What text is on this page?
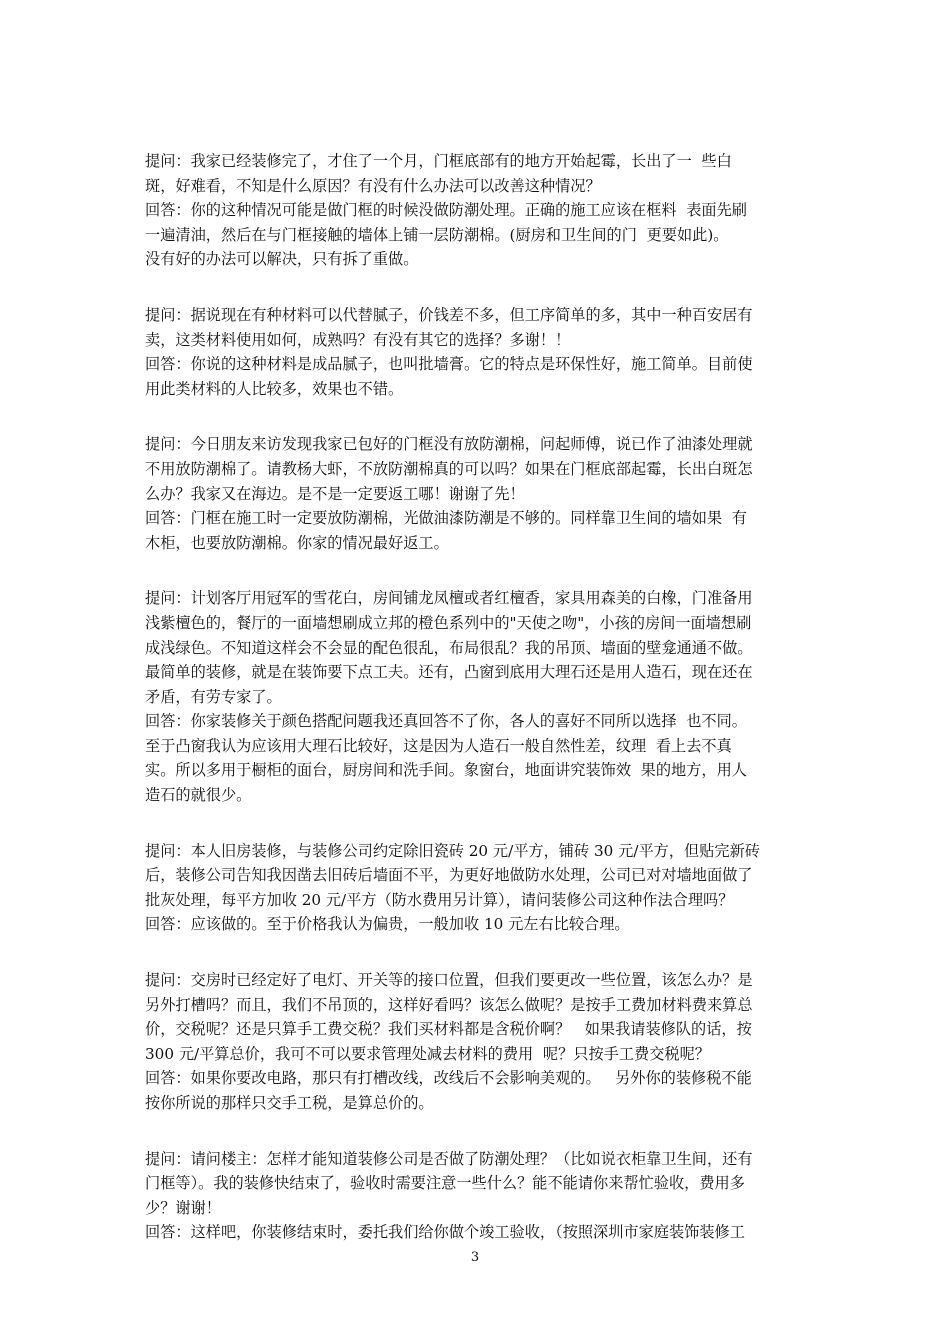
提问：我家已经装修完了，才住了一个月，门框底部有的地方开始起霉，长出了一  些白
斑，好难看，不知是什么原因？有没有什么办法可以改善这种情况？
回答：你的这种情况可能是做门框的时候没做防潮处理。正确的施工应该在框料  表面先刷
一遍清油，然后在与门框接触的墙体上铺一层防潮棉。(厨房和卫生间的门  更要如此)。
没有好的办法可以解决，只有拆了重做。
提问：据说现在有种材料可以代替腻子，价钱差不多，但工序简单的多，其中一种百安居有
卖，这类材料使用如何，成熟吗？有没有其它的选择？多谢！！
回答：你说的这种材料是成品腻子，也叫批墙膏。它的特点是环保性好，施工简单。目前使
用此类材料的人比较多，效果也不错。
提问：今日朋友来访发现我家已包好的门框没有放防潮棉，问起师傅，说已作了油漆处理就
不用放防潮棉了。请教杨大虾，不放防潮棉真的可以吗？如果在门框底部起霉，长出白斑怎
么办？我家又在海边。是不是一定要返工哪！谢谢了先！
回答：门框在施工时一定要放防潮棉，光做油漆防潮是不够的。同样靠卫生间的墙如果  有
木柜，也要放防潮棉。你家的情况最好返工。
提问：计划客厅用冠军的雪花白，房间铺龙凤檀或者红檀香，家具用森美的白橡，门准备用
浅紫檀色的，餐厅的一面墙想刷成立邦的橙色系列中的"天使之吻"，小孩的房间一面墙想刷
成浅绿色。不知道这样会不会显的配色很乱，布局很乱？我的吊顶、墙面的壁龛通通不做。
最简单的装修，就是在装饰要下点工夫。还有，凸窗到底用大理石还是用人造石，现在还在
矛盾，有劳专家了。
回答：你家装修关于颜色搭配问题我还真回答不了你，各人的喜好不同所以选择  也不同。
至于凸窗我认为应该用大理石比较好，这是因为人造石一般自然性差，纹理  看上去不真
实。所以多用于橱柜的面台，厨房间和洗手间。象窗台，地面讲究装饰效  果的地方，用人
造石的就很少。
提问：本人旧房装修，与装修公司约定除旧瓷砖 20 元/平方，铺砖 30 元/平方，但贴完新砖
后，装修公司告知我因凿去旧砖后墙面不平，为更好地做防水处理，公司已对对墙地面做了
批灰处理，每平方加收 20 元/平方（防水费用另计算），请问装修公司这种作法合理吗？
回答：应该做的。至于价格我认为偏贵，一般加收 10 元左右比较合理。
提问：交房时已经定好了电灯、开关等的接口位置，但我们要更改一些位置，该怎么办？是
另外打槽吗？而且，我们不吊顶的，这样好看吗？该怎么做呢？是按手工费加材料费来算总
价，交税呢？还是只算手工费交税？我们买材料都是含税价啊？   如果我请装修队的话，按
300 元/平算总价，我可不可以要求管理处减去材料的费用  呢？只按手工费交税呢？
回答：如果你要改电路，那只有打槽改线，改线后不会影响美观的。   另外你的装修税不能
按你所说的那样只交手工税，是算总价的。
提问：请问楼主：怎样才能知道装修公司是否做了防潮处理？（比如说衣柜靠卫生间，还有
门框等）。我的装修快结束了，验收时需要注意一些什么？能不能请你来帮忙验收，费用多
少？谢谢！
回答：这样吧，你装修结束时，委托我们给你做个竣工验收，（按照深圳市家庭装饰装修工
3
